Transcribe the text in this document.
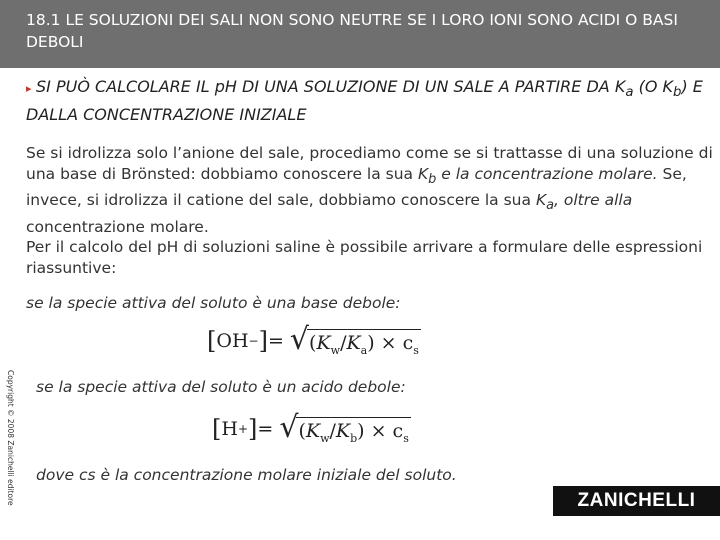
18.1 LE SOLUZIONI DEI SALI NON SONO NEUTRE SE I LORO IONI SONO ACIDI O BASI DEBOLI
▸ SI PUÒ CALCOLARE IL pH DI UNA SOLUZIONE DI UN SALE A PARTIRE DA $K_a$ (O $K_b$) E DALLA CONCENTRAZIONE INIZIALE

Se si idrolizza solo l’anione del sale, procediamo come se si trattasse di una soluzione di una base di Brönsted: dobbiamo conoscere la sua $K_b$ e la concentrazione molare. Se, invece, si idrolizza il catione del sale, dobbiamo conoscere la sua $K_a$, oltre alla concentrazione molare.

Per il calcolo del pH di soluzioni saline è possibile arrivare a formulare delle espressioni riassuntive:

se la specie attiva del soluto è una base debole:
[ OH − ] = √ $(K_w/K_a) \times c_s$
se la specie attiva del soluto è un acido debole:
[ H + ] = √ $(K_w/K_b) \times c_s$
dove cs è la concentrazione molare iniziale del soluto.
Copyright © 2008 Zanichelli editore	ZANICHELLI
